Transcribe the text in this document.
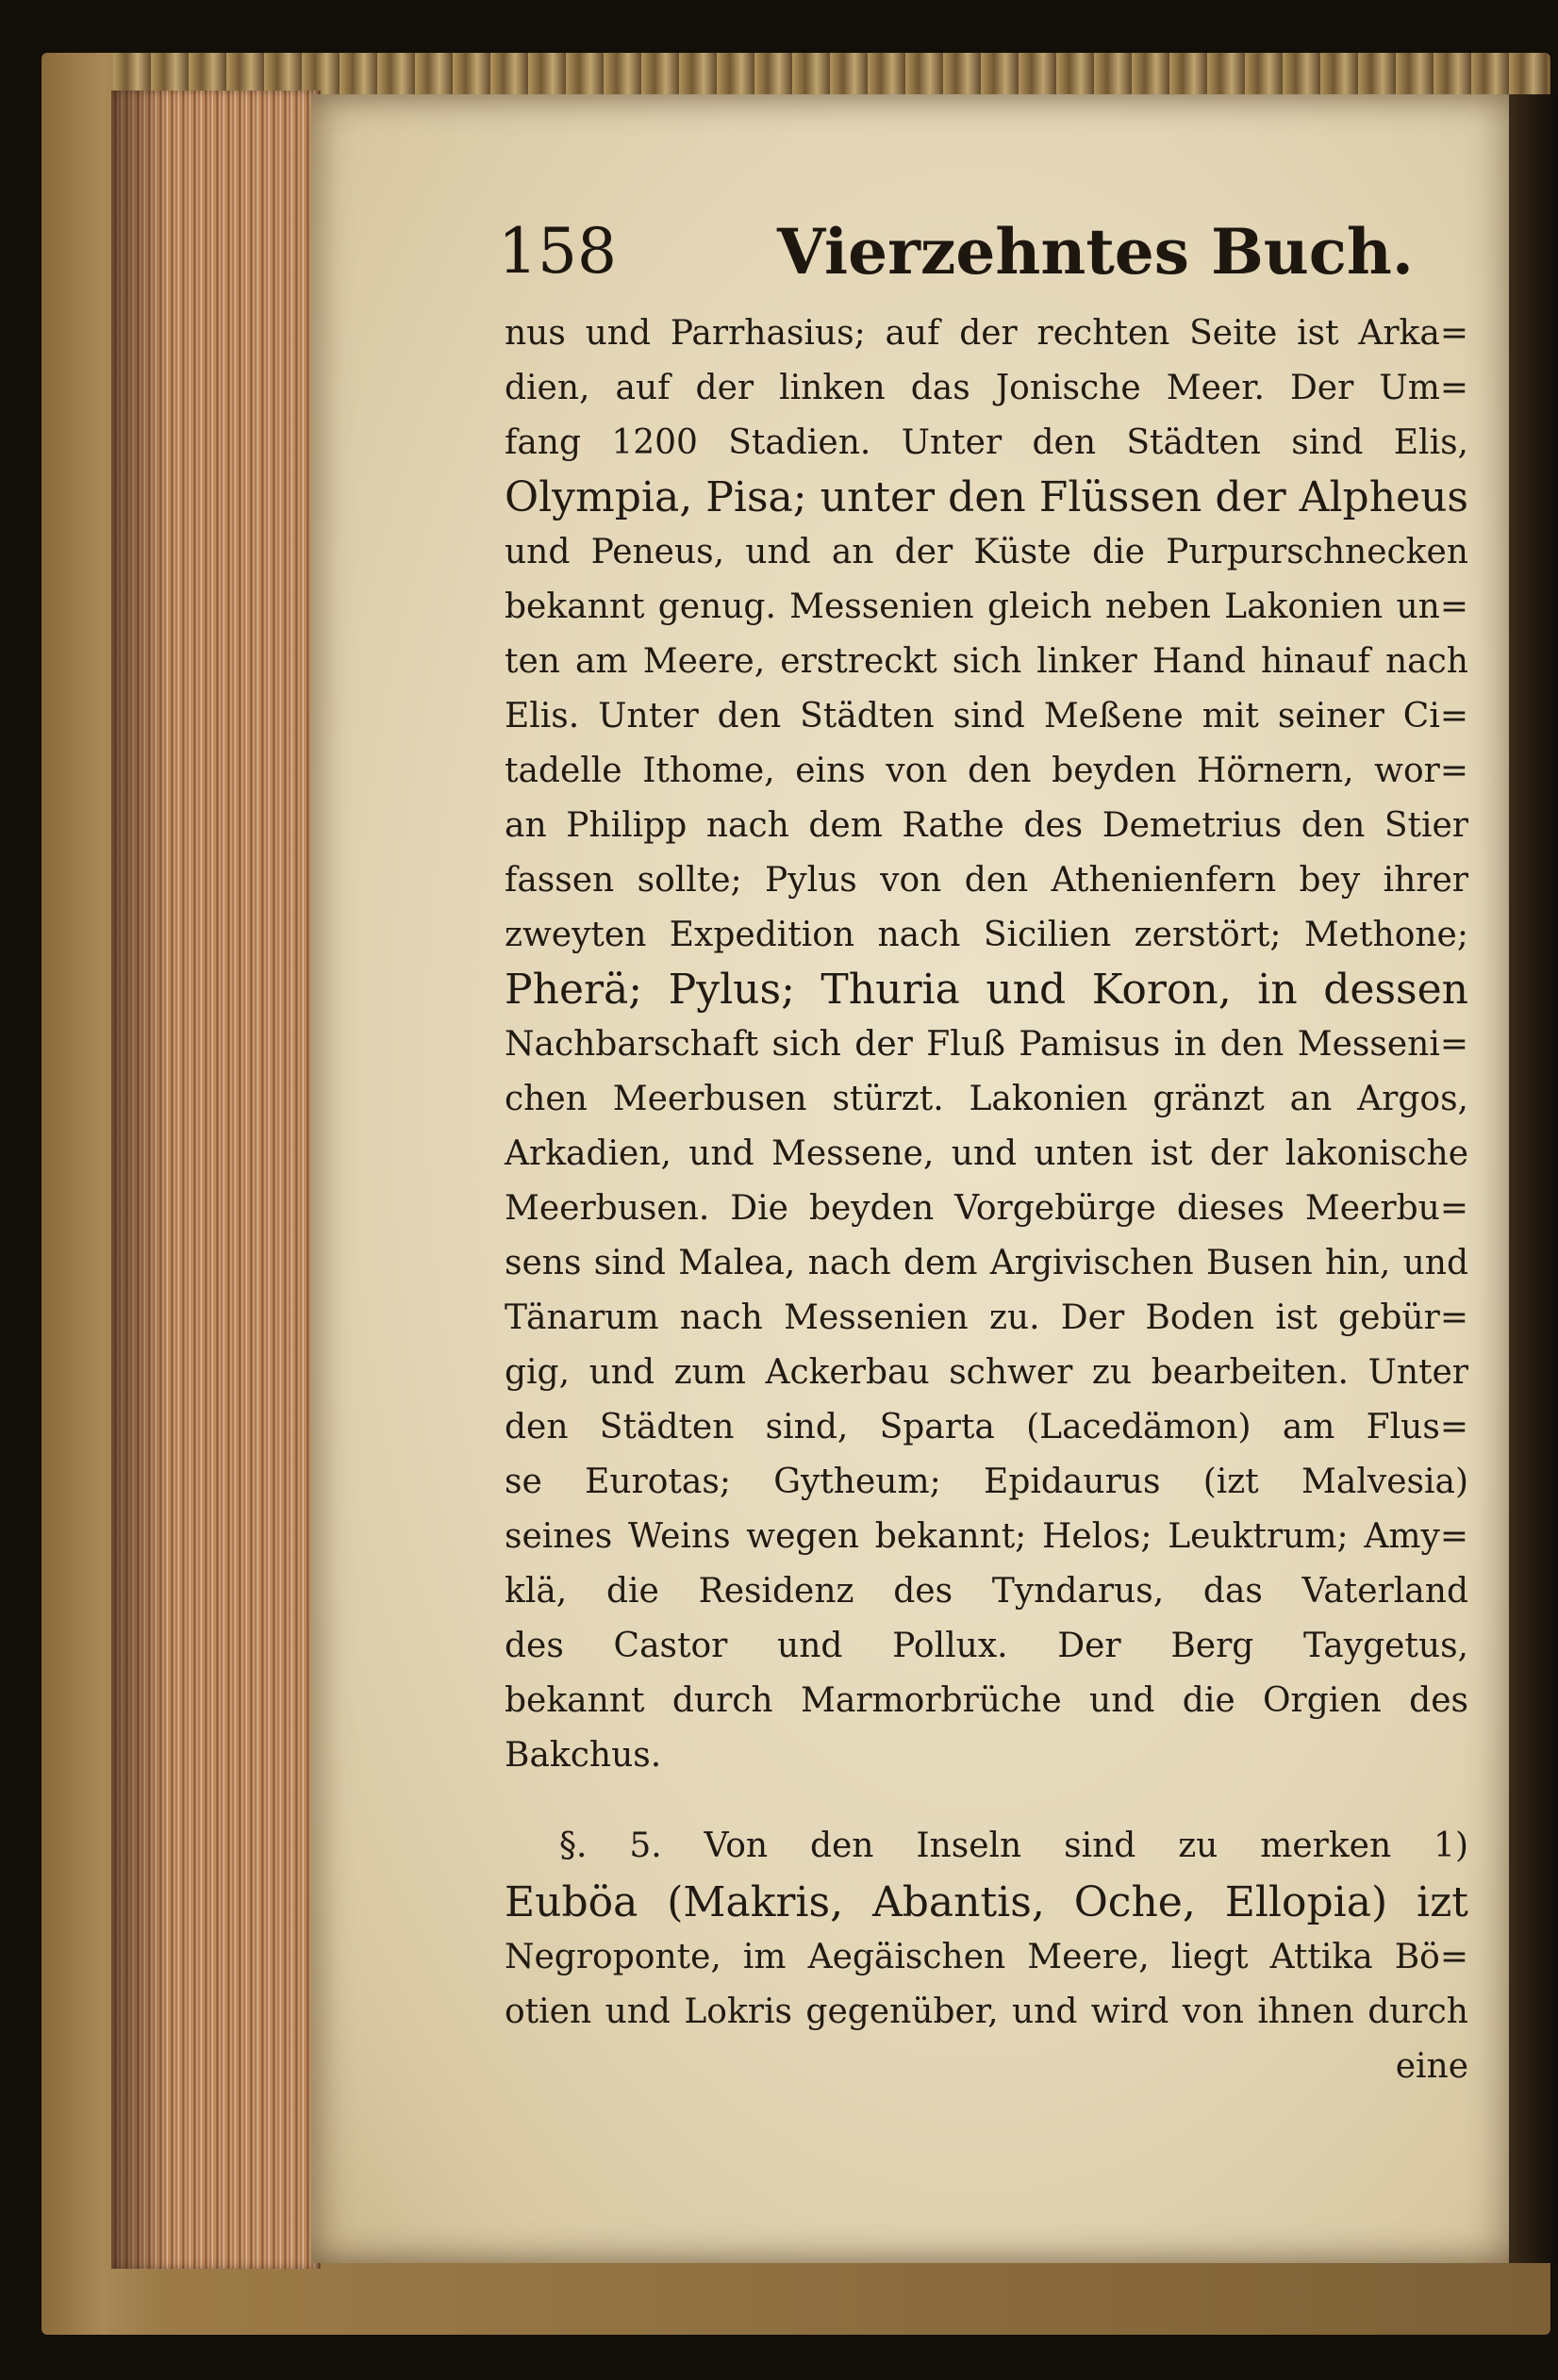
158	Vierzehntes Buch.
nus und Parrhasius; auf der rechten Seite ist Arka=
dien, auf der linken das Jonische Meer. Der Um=
fang 1200 Stadien. Unter den Städten sind Elis,
Olympia, Pisa; unter den Flüssen der Alpheus
und Peneus, und an der Küste die Purpurschnecken
bekannt genug. Messenien gleich neben Lakonien un=
ten am Meere, erstreckt sich linker Hand hinauf nach
Elis. Unter den Städten sind Meßene mit seiner Ci=
tadelle Ithome, eins von den beyden Hörnern, wor=
an Philipp nach dem Rathe des Demetrius den Stier
fassen sollte; Pylus von den Athenienfern bey ihrer
zweyten Expedition nach Sicilien zerstört; Methone;
Pherä; Pylus; Thuria und Koron, in dessen
Nachbarschaft sich der Fluß Pamisus in den Messeni=
chen Meerbusen stürzt. Lakonien gränzt an Argos,
Arkadien, und Messene, und unten ist der lakonische
Meerbusen. Die beyden Vorgebürge dieses Meerbu=
sens sind Malea, nach dem Argivischen Busen hin, und
Tänarum nach Messenien zu. Der Boden ist gebür=
gig, und zum Ackerbau schwer zu bearbeiten. Unter
den Städten sind, Sparta (Lacedämon) am Flus=
se Eurotas; Gytheum; Epidaurus (izt Malvesia)
seines Weins wegen bekannt; Helos; Leuktrum; Amy=
klä, die Residenz des Tyndarus, das Vaterland
des Castor und Pollux. Der Berg Taygetus,
bekannt durch Marmorbrüche und die Orgien des
Bakchus.
§. 5. Von den Inseln sind zu merken 1)
Euböa (Makris, Abantis, Oche, Ellopia) izt
Negroponte, im Aegäischen Meere, liegt Attika Bö=
otien und Lokris gegenüber, und wird von ihnen durch
eine
